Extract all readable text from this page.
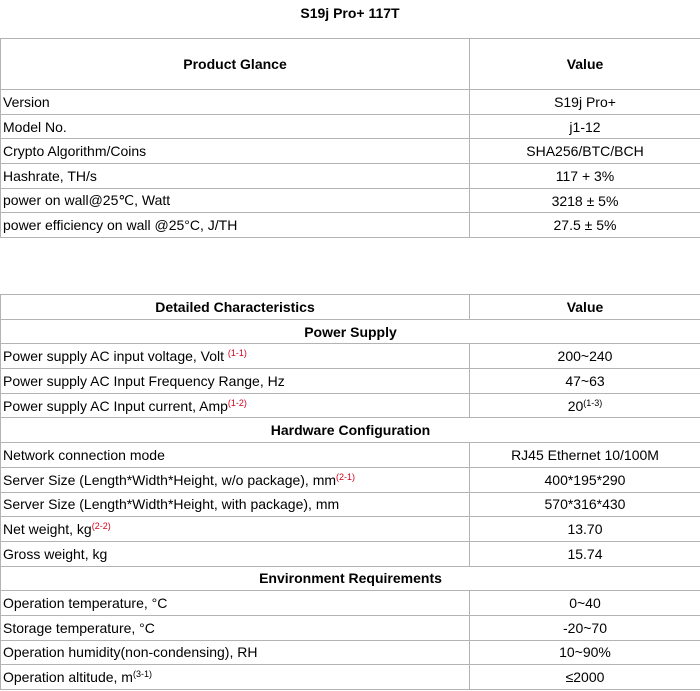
S19j Pro+ 117T
Product Glance	Value
Version	S19j Pro+
Model No.	j1-12
Crypto Algorithm/Coins	SHA256/BTC/BCH
Hashrate, TH/s	117 + 3%
power on wall@25℃, Watt	3218 ± 5%
power efficiency on wall @25°C, J/TH	27.5 ± 5%
Detailed Characteristics	Value
Power Supply	
Power supply AC input voltage, Volt $^{(1-1)}$	200~240
Power supply AC Input Frequency Range, Hz	47~63
Power supply AC Input current, Amp$^{(1-2)}$	20$^{(1-3)}$
Hardware Configuration	
Network connection mode	RJ45 Ethernet 10/100M
Server Size (Length*Width*Height, w/o package), $mm^{(2-1)}$	400*195*290
Server Size (Length*Width*Height, with package), mm	570*316*430
Net weight, $kg^{(2-2)}$	13.70
Gross weight, kg	15.74
Environment Requirements	
Operation temperature, °C	0~40
Storage temperature, °C	-20~70
Operation humidity(non-condensing), RH	10~90%
Operation altitude, $m^{(3-1)}$	≤2000
